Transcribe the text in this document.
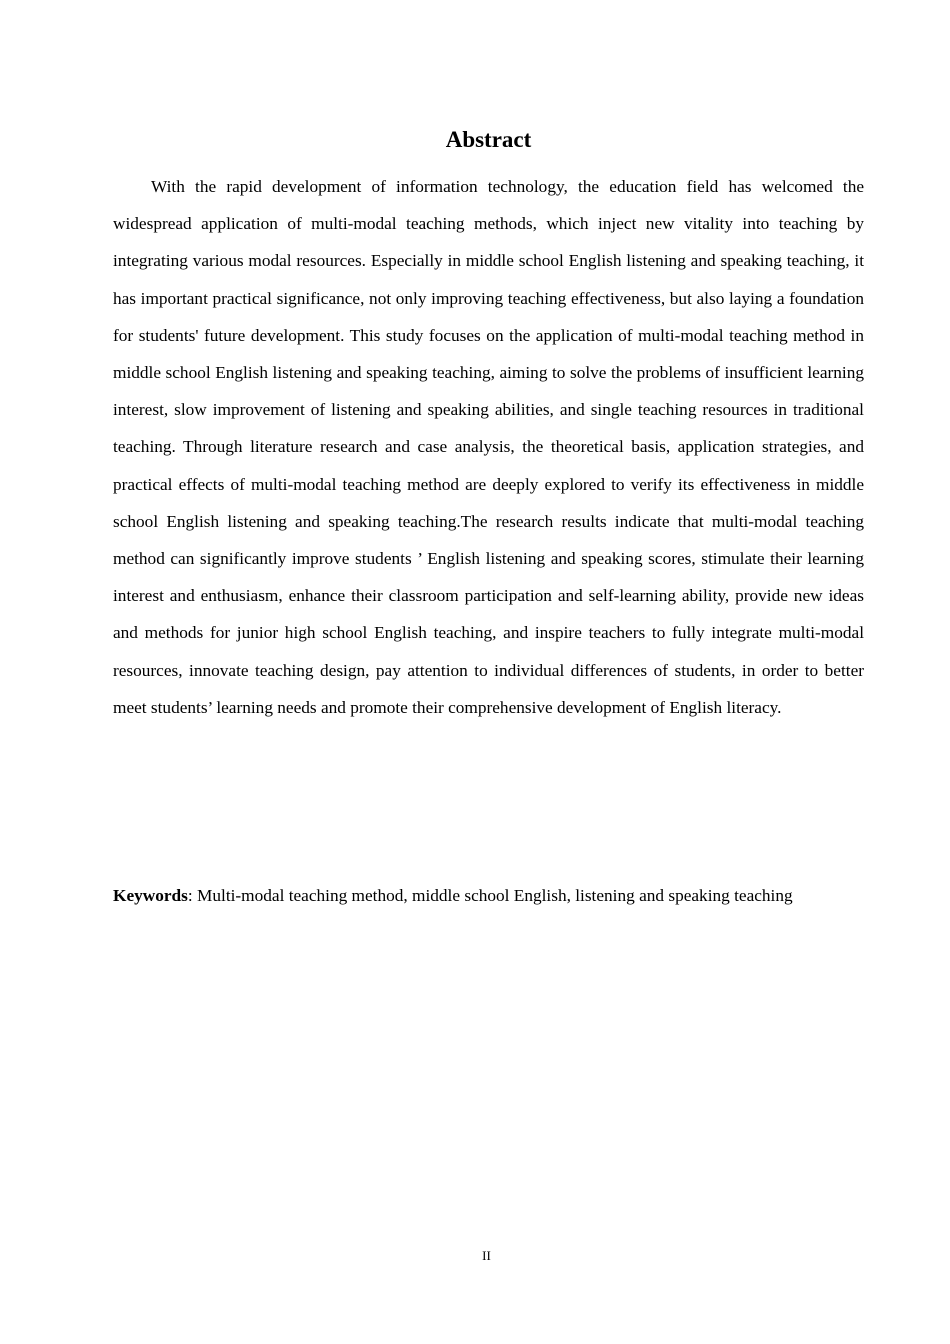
Abstract

With the rapid development of information technology, the education field has welcomed the widespread application of multi-modal teaching methods, which inject new vitality into teaching by integrating various modal resources. Especially in middle school English listening and speaking teaching, it has important practical significance, not only improving teaching effectiveness, but also laying a foundation for students' future development. This study focuses on the application of multi-modal teaching method in middle school English listening and speaking teaching, aiming to solve the problems of insufficient learning interest, slow improvement of listening and speaking abilities, and single teaching resources in traditional teaching. Through literature research and case analysis, the theoretical basis, application strategies, and practical effects of multi-modal teaching method are deeply explored to verify its effectiveness in middle school English listening and speaking teaching.The research results indicate that multi-modal teaching method can significantly improve students ’ English listening and speaking scores, stimulate their learning interest and enthusiasm, enhance their classroom participation and self-learning ability, provide new ideas and methods for junior high school English teaching, and inspire teachers to fully integrate multi-modal resources, innovate teaching design, pay attention to individual differences of students, in order to better meet students’ learning needs and promote their comprehensive development of English literacy.

Keywords: Multi-modal teaching method, middle school English, listening and speaking teaching

II
